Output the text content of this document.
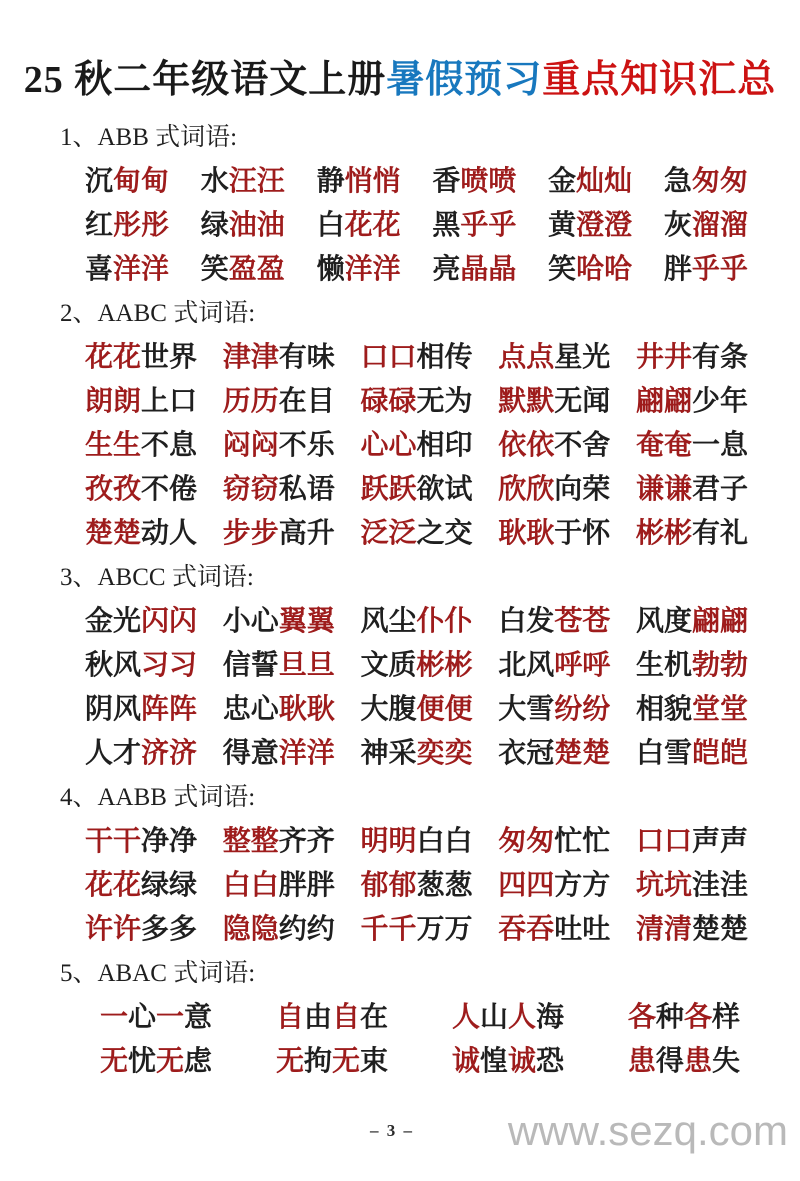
25 秋二年级语文上册暑假预习重点知识汇总
1、ABB 式词语:
沉甸甸 水汪汪 静悄悄 香喷喷 金灿灿 急匆匆
红彤彤 绿油油 白花花 黑乎乎 黄澄澄 灰溜溜
喜洋洋 笑盈盈 懒洋洋 亮晶晶 笑哈哈 胖乎乎
2、AABC 式词语:
花花世界 津津有味 口口相传 点点星光 井井有条
朗朗上口 历历在目 碌碌无为 默默无闻 翩翩少年
生生不息 闷闷不乐 心心相印 依依不舍 奄奄一息
孜孜不倦 窃窃私语 跃跃欲试 欣欣向荣 谦谦君子
楚楚动人 步步高升 泛泛之交 耿耿于怀 彬彬有礼
3、ABCC 式词语:
金光闪闪 小心翼翼 风尘仆仆 白发苍苍 风度翩翩
秋风习习 信誓旦旦 文质彬彬 北风呼呼 生机勃勃
阴风阵阵 忠心耿耿 大腹便便 大雪纷纷 相貌堂堂
人才济济 得意洋洋 神采奕奕 衣冠楚楚 白雪皑皑
4、AABB 式词语:
干干净净 整整齐齐 明明白白 匆匆忙忙 口口声声
花花绿绿 白白胖胖 郁郁葱葱 四四方方 坑坑洼洼
许许多多 隐隐约约 千千万万 吞吞吐吐 清清楚楚
5、ABAC 式词语:
一心一意 自由自在 人山人海 各种各样
无忧无虑 无拘无束 诚惶诚恐 患得患失
– 3 – www.sezq.com
